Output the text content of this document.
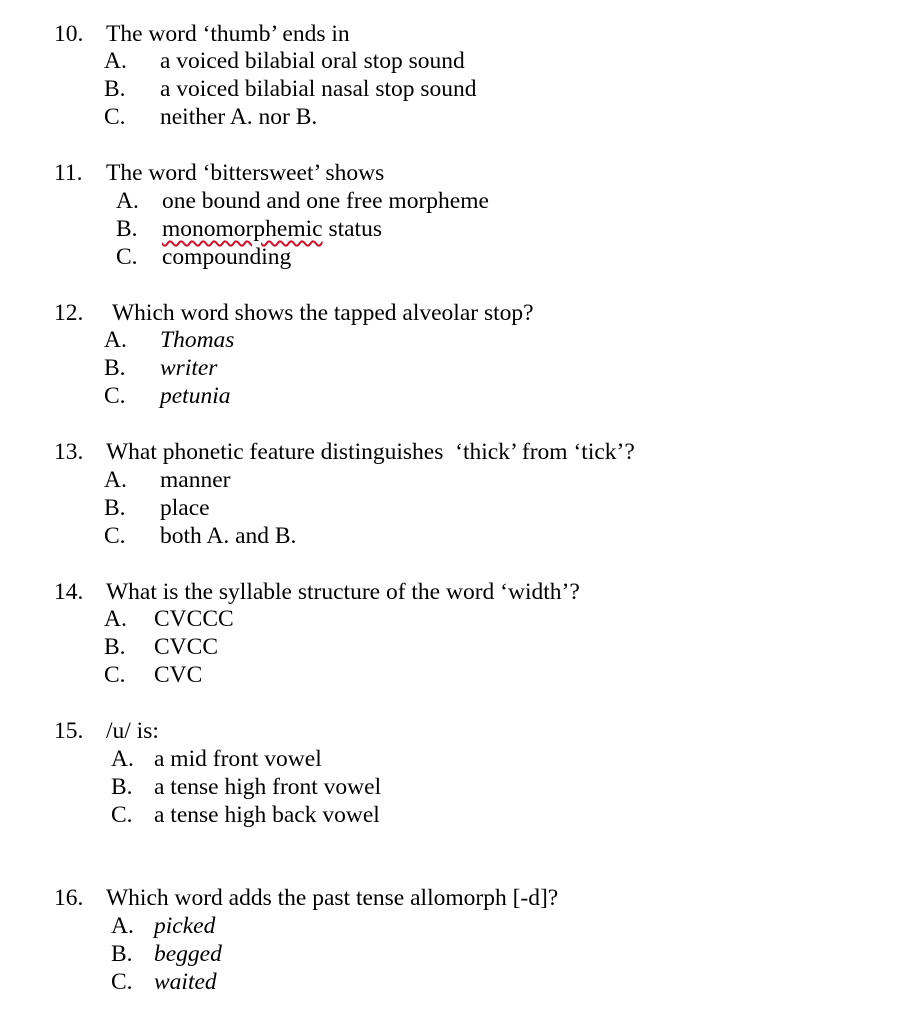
10. The word ‘thumb’ ends in
A. a voiced bilabial oral stop sound
B. a voiced bilabial nasal stop sound
C. neither A. nor B.
11. The word ‘bittersweet’ shows
A. one bound and one free morpheme
B. monomorphemic status
C. compounding
12. Which word shows the tapped alveolar stop?
A. Thomas
B. writer
C. petunia
13. What phonetic feature distinguishes  ‘thick’ from ‘tick’?
A. manner
B. place
C. both A. and B.
14. What is the syllable structure of the word ‘width’?
A. CVCCC
B. CVCC
C. CVC
15. /u/ is:
A. a mid front vowel
B. a tense high front vowel
C. a tense high back vowel
16. Which word adds the past tense allomorph [-d]?
A. picked
B. begged
C. waited
